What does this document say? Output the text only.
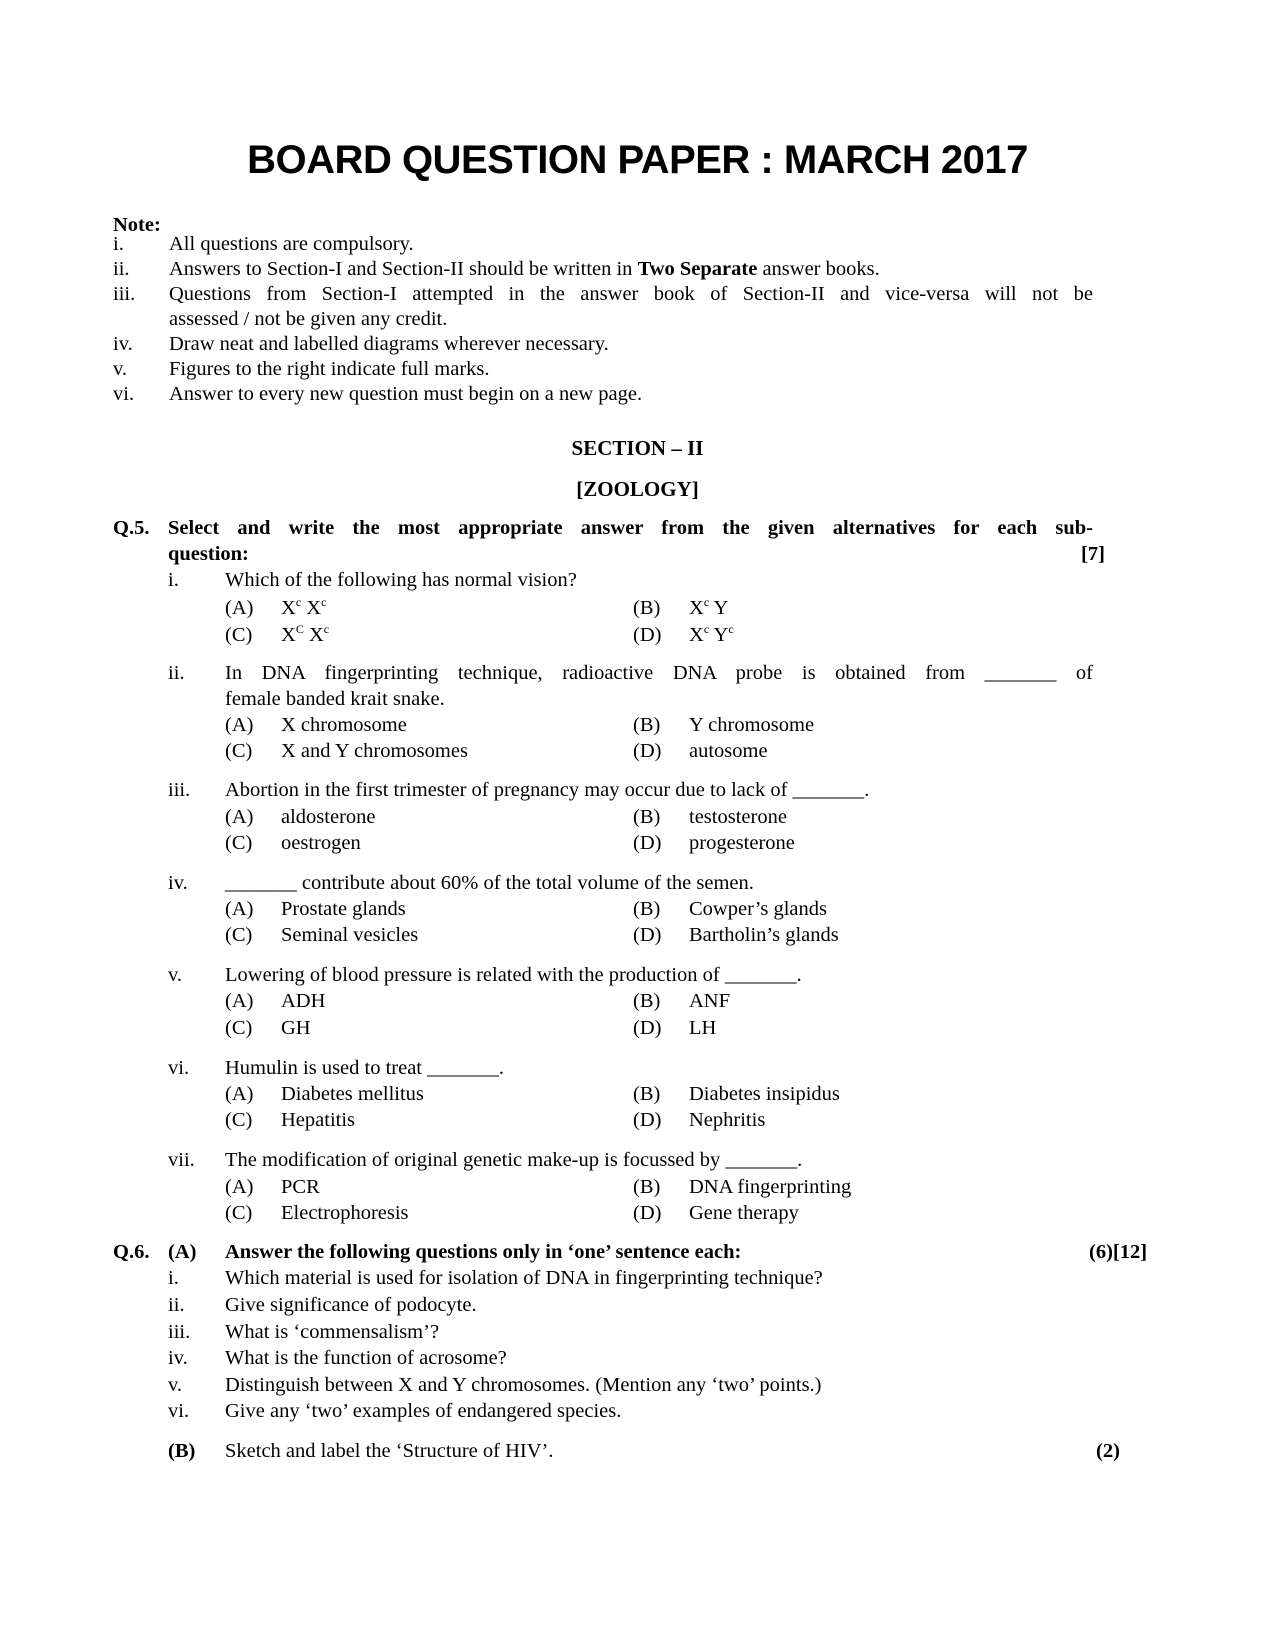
BOARD QUESTION PAPER : MARCH 2017
Note:
i. All questions are compulsory.
ii. Answers to Section-I and Section-II should be written in Two Separate answer books.
iii. Questions from Section-I attempted in the answer book of Section-II and vice-versa will not be
assessed / not be given any credit.
iv. Draw neat and labelled diagrams wherever necessary.
v. Figures to the right indicate full marks.
vi. Answer to every new question must begin on a new page.
SECTION – II
[ZOOLOGY]
Q.5. Select and write the most appropriate answer from the given alternatives for each sub-
question:	[7]
i. Which of the following has normal vision?
(A) $X^c$ $X^c$	(B) $X^c$ Y
(C) $X^C$ $X^c$	(D) $X^c$ $Y^c$
ii. In DNA fingerprinting technique, radioactive DNA probe is obtained from _______ of
female banded krait snake.
(A) X chromosome	(B) Y chromosome
(C) X and Y chromosomes	(D) autosome
iii. Abortion in the first trimester of pregnancy may occur due to lack of _______.
(A) aldosterone	(B) testosterone
(C) oestrogen	(D) progesterone
iv. _______ contribute about 60% of the total volume of the semen.
(A) Prostate glands	(B) Cowper’s glands
(C) Seminal vesicles	(D) Bartholin’s glands
v. Lowering of blood pressure is related with the production of _______.
(A) ADH	(B) ANF
(C) GH	(D) LH
vi. Humulin is used to treat _______.
(A) Diabetes mellitus	(B) Diabetes insipidus
(C) Hepatitis	(D) Nephritis
vii. The modification of original genetic make-up is focussed by _______.
(A) PCR	(B) DNA fingerprinting
(C) Electrophoresis	(D) Gene therapy
Q.6. (A) Answer the following questions only in ‘one’ sentence each:	(6)[12]
i. Which material is used for isolation of DNA in fingerprinting technique?
ii. Give significance of podocyte.
iii. What is ‘commensalism’?
iv. What is the function of acrosome?
v. Distinguish between X and Y chromosomes. (Mention any ‘two’ points.)
vi. Give any ‘two’ examples of endangered species.
(B) Sketch and label the ‘Structure of HIV’.	(2)
